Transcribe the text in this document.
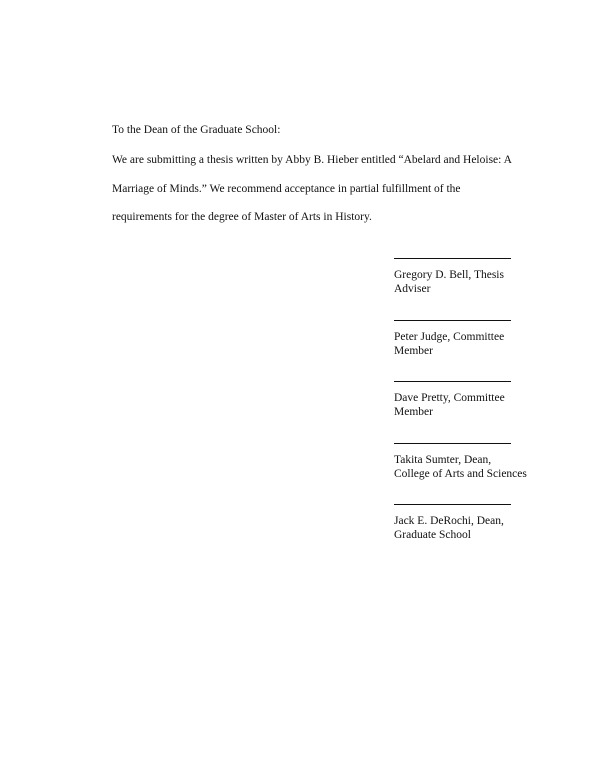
To the Dean of the Graduate School:
We are submitting a thesis written by Abby B. Hieber entitled “Abelard and Heloise: A
Marriage of Minds.” We recommend acceptance in partial fulfillment of the
requirements for the degree of Master of Arts in History.
Gregory D. Bell, Thesis
Adviser
Peter Judge, Committee
Member
Dave Pretty, Committee
Member
Takita Sumter, Dean,
College of Arts and Sciences
Jack E. DeRochi, Dean,
Graduate School
